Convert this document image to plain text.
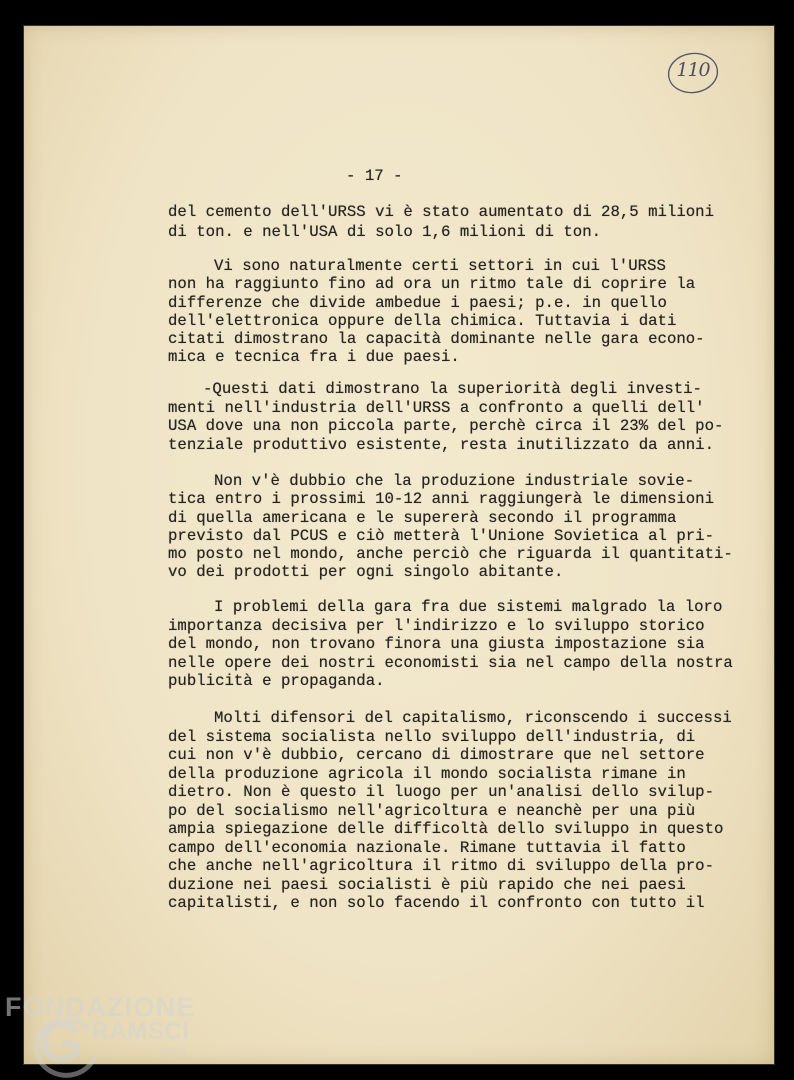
110
- 17 -
del cemento dell'URSS vi è stato aumentato di 28,5 milioni
di ton. e nell'USA di solo 1,6 milioni di ton.
Vi sono naturalmente certi settori in cui l'URSS
non ha raggiunto fino ad ora un ritmo tale di coprire la
differenze che divide ambedue i paesi; p.e. in quello
dell'elettronica oppure della chimica. Tuttavia i dati
citati dimostrano la capacità dominante nelle gara econo-
mica e tecnica fra i due paesi.
-Questi dati dimostrano la superiorità degli investi-
menti nell'industria dell'URSS a confronto a quelli dell'
USA dove una non piccola parte, perchè circa il 23% del po-
tenziale produttivo esistente, resta inutilizzato da anni.
Non v'è dubbio che la produzione industriale sovie-
tica entro i prossimi 10-12 anni raggiungerà le dimensioni
di quella americana e le supererà secondo il programma
previsto dal PCUS e ciò metterà l'Unione Sovietica al pri-
mo posto nel mondo, anche perciò che riguarda il quantitati-
vo dei prodotti per ogni singolo abitante.
I problemi della gara fra due sistemi malgrado la loro
importanza decisiva per l'indirizzo e lo sviluppo storico
del mondo, non trovano finora una giusta impostazione sia
nelle opere dei nostri economisti sia nel campo della nostra
publicità e propaganda.
Molti difensori del capitalismo, riconscendo i successi
del sistema socialista nello sviluppo dell'industria, di
cui non v'è dubbio, cercano di dimostrare que nel settore
della produzione agricola il mondo socialista rimane in
dietro. Non è questo il luogo per un'analisi dello svilup-
po del socialismo nell'agricoltura e neanchè per una più
ampia spiegazione delle difficoltà dello sviluppo in questo
campo dell'economia nazionale. Rimane tuttavia il fatto
che anche nell'agricoltura il ritmo di sviluppo della pro-
duzione nei paesi socialisti è più rapido che nei paesi
capitalisti, e non solo facendo il confronto con tutto il
FONDAZIONE
GRAMSCI
onlus
